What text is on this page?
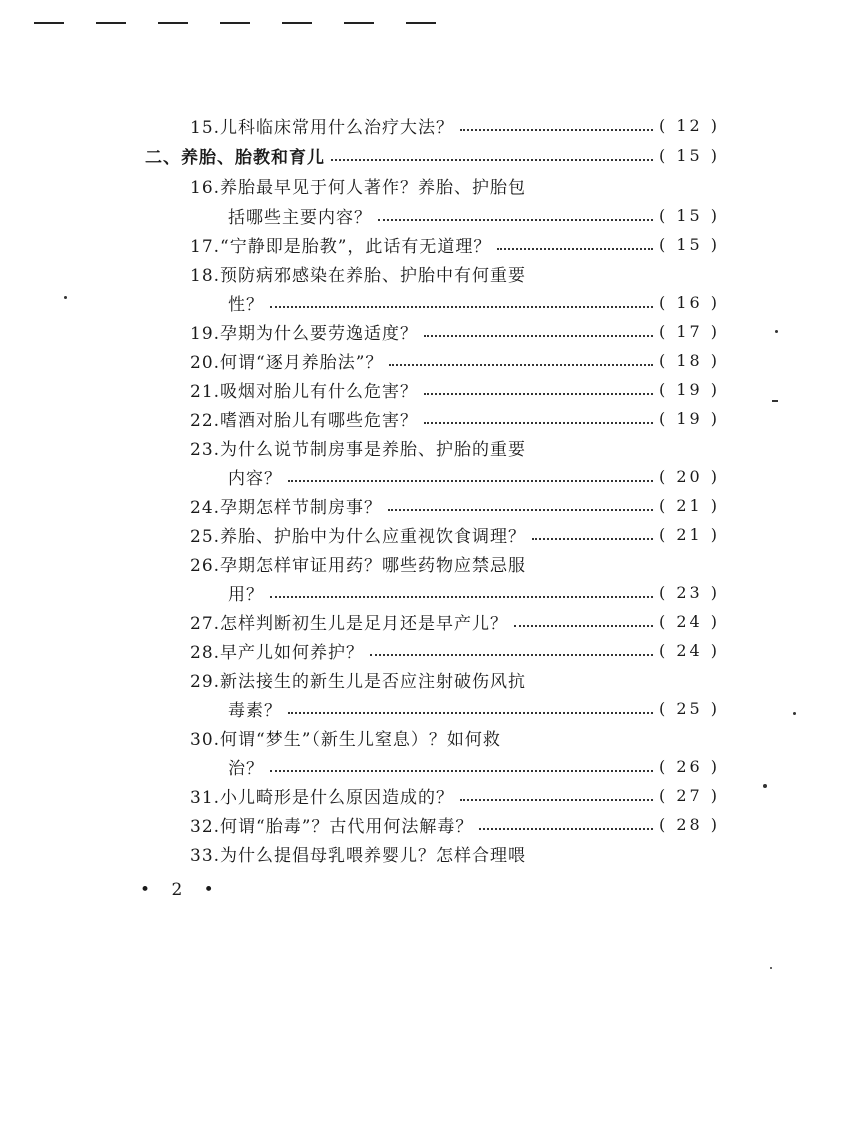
15.儿科临床常用什么治疗大法？	( 12 )
二、养胎、胎教和育儿	( 15 )
16.养胎最早见于何人著作？养胎、护胎包
括哪些主要内容？	( 15 )
17.“宁静即是胎教”，此话有无道理？	( 15 )
18.预防病邪感染在养胎、护胎中有何重要
性？	( 16 )
19.孕期为什么要劳逸适度？	( 17 )
20.何谓“逐月养胎法”？	( 18 )
21.吸烟对胎儿有什么危害？	( 19 )
22.嗜酒对胎儿有哪些危害？	( 19 )
23.为什么说节制房事是养胎、护胎的重要
内容？	( 20 )
24.孕期怎样节制房事？	( 21 )
25.养胎、护胎中为什么应重视饮食调理？	( 21 )
26.孕期怎样审证用药？哪些药物应禁忌服
用？	( 23 )
27.怎样判断初生儿是足月还是早产儿？	( 24 )
28.早产儿如何养护？	( 24 )
29.新法接生的新生儿是否应注射破伤风抗
毒素？	( 25 )
30.何谓“梦生”（新生儿窒息）？如何救
治？	( 26 )
31.小儿畸形是什么原因造成的？	( 27 )
32.何谓“胎毒”？古代用何法解毒？	( 28 )
33.为什么提倡母乳喂养婴儿？怎样合理喂
• 2 •
